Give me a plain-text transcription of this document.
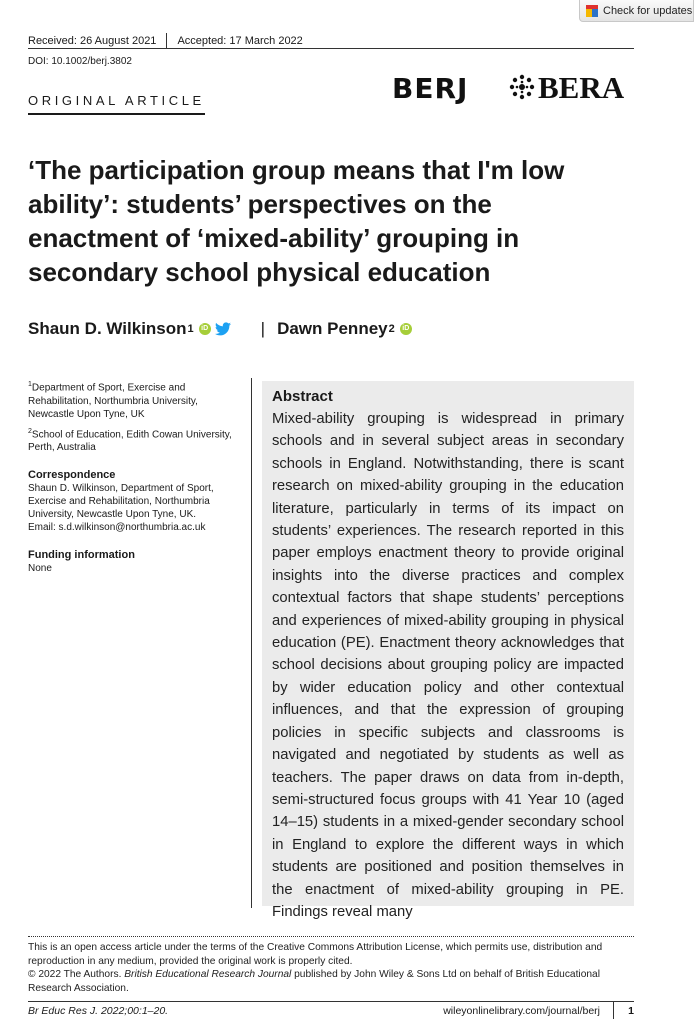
Check for updates
Received: 26 August 2021 Accepted: 17 March 2022
DOI: 10.1002/berj.3802
ORIGINAL ARTICLE	BERJ BERA
‘The participation group means that I'm low ability’: students’ perspectives on the enactment of ‘mixed-ability’ grouping in secondary school physical education
Shaun D. Wilkinson 1	iD	| Dawn Penney 2	iD

$^1$Department of Sport, Exercise and Rehabilitation, Northumbria University, Newcastle Upon Tyne, UK

$^2$School of Education, Edith Cowan University, Perth, Australia

Correspondence

Shaun D. Wilkinson, Department of Sport, Exercise and Rehabilitation, Northumbria University, Newcastle Upon Tyne, UK.

Email: s.d.wilkinson@northumbria.ac.uk

Funding information

None

Abstract

Mixed-ability grouping is widespread in primary schools and in several subject areas in secondary schools in England. Notwithstanding, there is scant research on mixed-ability grouping in the education literature, particularly in terms of its impact on students’ experiences. The research reported in this paper employs enactment theory to provide original insights into the diverse practices and complex contextual factors that shape students’ perceptions and experiences of mixed-ability grouping in physical education (PE). Enactment theory acknowledges that school decisions about grouping policy are impacted by wider education policy and other contextual influences, and that the expression of grouping policies in specific subjects and classrooms is navigated and negotiated by students as well as teachers. The paper draws on data from in-depth, semi-structured focus groups with 41 Year 10 (aged 14–15) students in a mixed-gender secondary school in England to explore the different ways in which students are positioned and position themselves in the enactment of mixed-ability grouping in PE. Findings reveal many

This is an open access article under the terms of the Creative Commons Attribution License, which permits use, distribution and reproduction in any medium, provided the original work is properly cited.

© 2022 The Authors. British Educational Research Journal published by John Wiley & Sons Ltd on behalf of British Educational Research Association.

Br Educ Res J. 2022;00:1–20.	wileyonlinelibrary.com/journal/berj	1
